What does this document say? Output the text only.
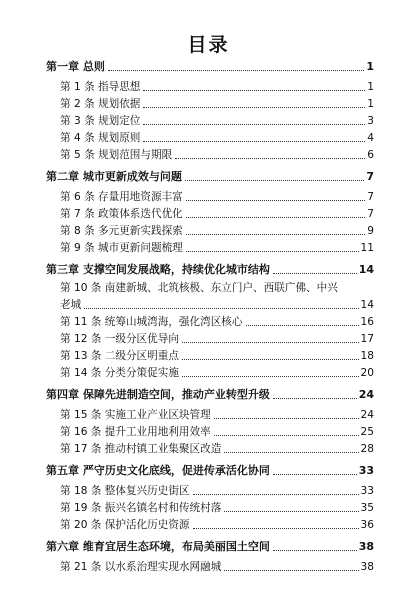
目录
第一章 总则	1
第 1 条 指导思想	1
第 2 条 规划依据	1
第 3 条 规划定位	3
第 4 条 规划原则	4
第 5 条 规划范围与期限	6
第二章 城市更新成效与问题	7
第 6 条 存量用地资源丰富	7
第 7 条 政策体系迭代优化	7
第 8 条 多元更新实践探索	9
第 9 条 城市更新问题梳理	11
第三章 支撑空间发展战略，持续优化城市结构	14
第 10 条 南建新城、北筑核极、东立门户、西联广佛、中兴
老城	14
第 11 条 统筹山城湾海，强化湾区核心	16
第 12 条 一级分区优导向	17
第 13 条 二级分区明重点	18
第 14 条 分类分策促实施	20
第四章 保障先进制造空间，推动产业转型升级	24
第 15 条 实施工业产业区块管理	24
第 16 条 提升工业用地利用效率	25
第 17 条 推动村镇工业集聚区改造	28
第五章 严守历史文化底线，促进传承活化协同	33
第 18 条 整体复兴历史街区	33
第 19 条 振兴名镇名村和传统村落	35
第 20 条 保护活化历史资源	36
第六章 维育宜居生态环境，布局美丽国土空间	38
第 21 条 以水系治理实现水网融城	38
